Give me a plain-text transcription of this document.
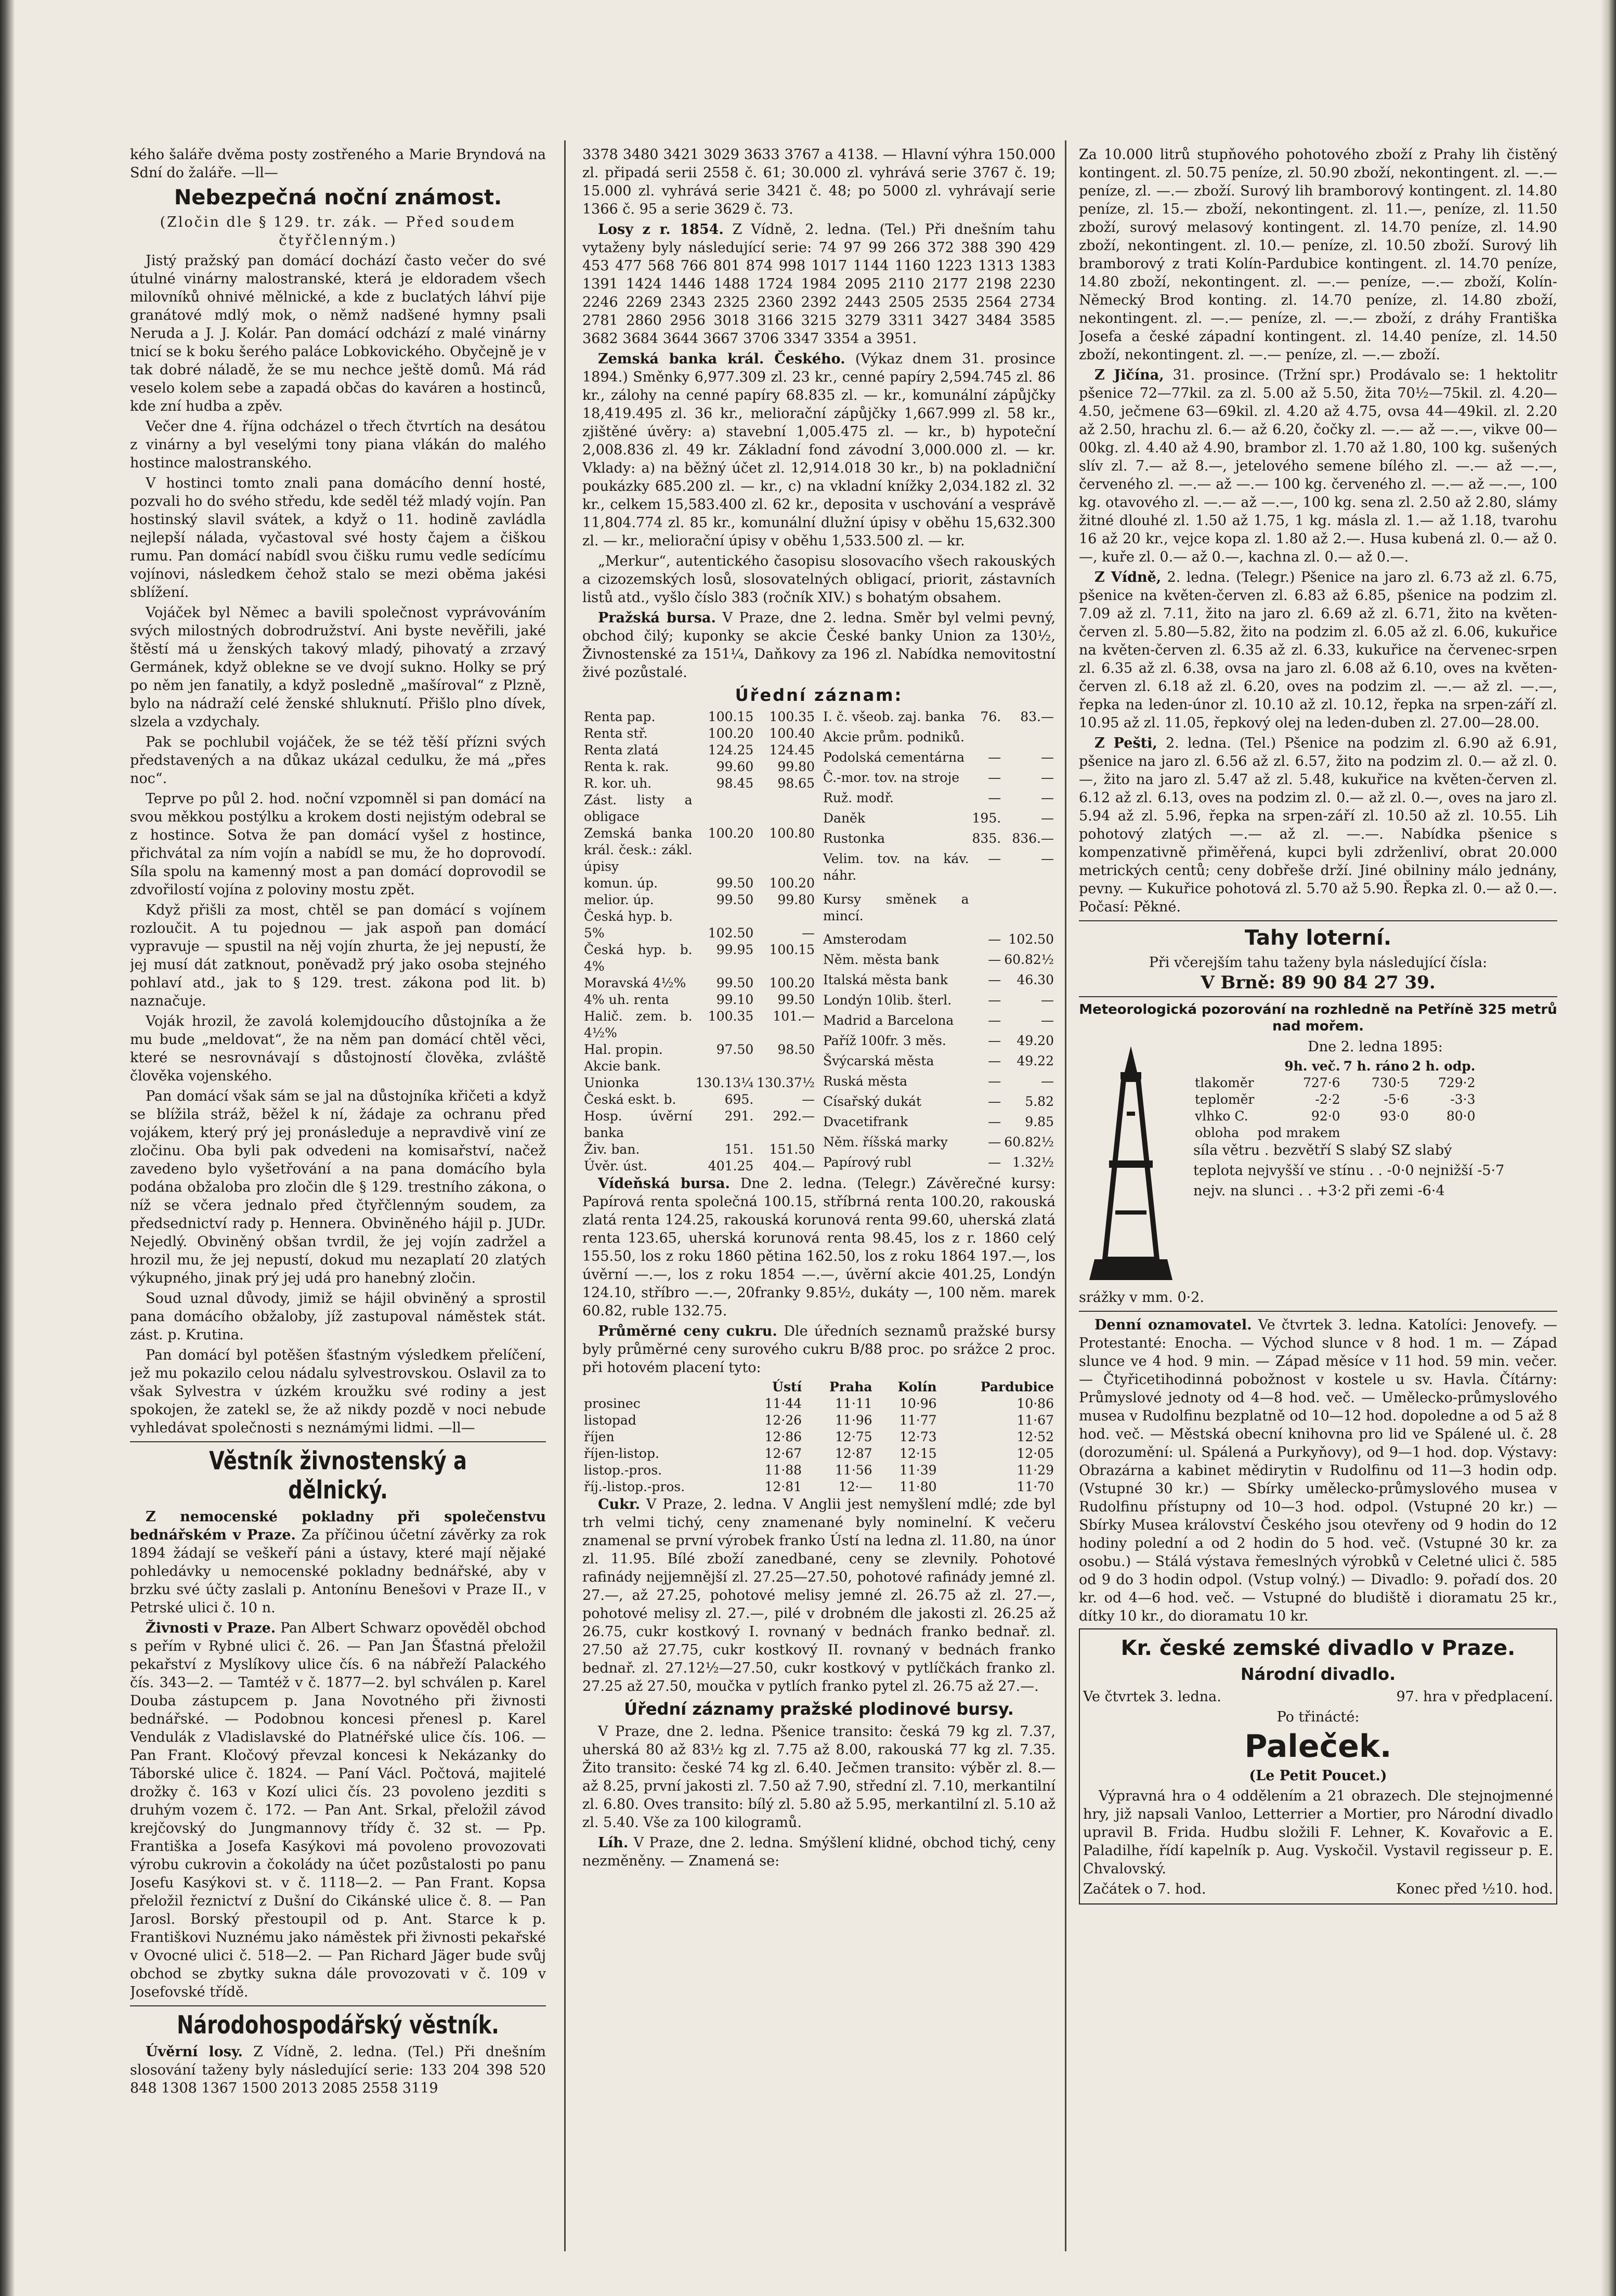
kého šaláře dvěma posty zostřeného a Marie Bryndová na Sdní do žaláře. —ll—

Nebezpečná noční známost.

(Zločin dle § 129. tr. zák. — Před soudem čtyřčlenným.)

Jistý pražský pan domácí dochází často večer do své útulné vinárny malostranské, která je eldoradem všech milovníků ohnivé mělnické, a kde z buclatých láhví pije granátové mdlý mok, o němž nadšené hymny psali Neruda a J. J. Kolár. Pan domácí odchází z malé vinárny tnicí se k boku šerého paláce Lobkovického. Obyčejně je v tak dobré náladě, že se mu nechce ještě domů. Má rád veselo kolem sebe a zapadá občas do kaváren a hostinců, kde zní hudba a zpěv.

Večer dne 4. října odcházel o třech čtvrtích na desátou z vinárny a byl veselými tony piana vlákán do malého hostince malostranského.

V hostinci tomto znali pana domácího denní hosté, pozvali ho do svého středu, kde seděl též mladý vojín. Pan hostinský slavil svátek, a když o 11. hodině zavládla nejlepší nálada, vyčastoval své hosty čajem a čiškou rumu. Pan domácí nabídl svou čišku rumu vedle sedícímu vojínovi, následkem čehož stalo se mezi oběma jakési sblížení.

Vojáček byl Němec a bavili společnost vyprávováním svých milostných dobrodružství. Ani byste nevěřili, jaké štěstí má u ženských takový mladý, pihovatý a zrzavý Germánek, když oblekne se ve dvojí sukno. Holky se prý po něm jen fanatily, a když posledně „mašíroval“ z Plzně, bylo na nádraží celé ženské shluknutí. Přišlo plno dívek, slzela a vzdychaly.

Pak se pochlubil vojáček, že se též těší přízni svých představených a na důkaz ukázal cedulku, že má „přes noc“.

Teprve po půl 2. hod. noční vzpomněl si pan domácí na svou měkkou postýlku a krokem dosti nejistým odebral se z hostince. Sotva že pan domácí vyšel z hostince, přichvátal za ním vojín a nabídl se mu, že ho doprovodí. Síla spolu na kamenný most a pan domácí doprovodil se zdvořilostí vojína z poloviny mostu zpět.

Když přišli za most, chtěl se pan domácí s vojínem rozloučit. A tu pojednou — jak aspoň pan domácí vypravuje — spustil na něj vojín zhurta, že jej nepustí, že jej musí dát zatknout, poněvadž prý jako osoba stejného pohlaví atd., jak to § 129. trest. zákona pod lit. b) naznačuje.

Voják hrozil, že zavolá kolemjdoucího důstojníka a že mu bude „meldovat“, že na něm pan domácí chtěl věci, které se nesrovnávají s důstojností člověka, zvláště člověka vojenského.

Pan domácí však sám se jal na důstojníka křičeti a když se blížila stráž, běžel k ní, žádaje za ochranu před vojákem, který prý jej pronásleduje a nepravdivě viní ze zločinu. Oba byli pak odvedeni na komisařství, načež zavedeno bylo vyšetřování a na pana domácího byla podána obžaloba pro zločin dle § 129. trestního zákona, o níž se včera jednalo před čtyřčlenným soudem, za předsednictví rady p. Hennera. Obviněného hájil p. JUDr. Nejedlý. Obviněný obšan tvrdil, že jej vojín zadržel a hrozil mu, že jej nepustí, dokud mu nezaplatí 20 zlatých výkupného, jinak prý jej udá pro hanebný zločin.

Soud uznal důvody, jimiž se hájil obviněný a sprostil pana domácího obžaloby, jíž zastupoval náměstek stát. zást. p. Krutina.

Pan domácí byl potěšen šťastným výsledkem přelíčení, jež mu pokazilo celou nádalu sylvestrovskou. Oslavil za to však Sylvestra v úzkém kroužku své rodiny a jest spokojen, že zatekl se, že až nikdy pozdě v noci nebude vyhledávat společnosti s neznámými lidmi. —ll—

Věstník živnostenský a dělnický.

Z nemocenské pokladny při společenstvu bednářském v Praze. Za příčinou účetní závěrky za rok 1894 žádají se veškeří páni a ústavy, které mají nějaké pohledávky u nemocenské pokladny bednářské, aby v brzku své účty zaslali p. Antonínu Benešovi v Praze II., v Petrské ulici č. 10 n.

Živnosti v Praze. Pan Albert Schwarz opověděl obchod s peřím v Rybné ulici č. 26. — Pan Jan Šťastná přeložil pekařství z Myslíkovy ulice čís. 6 na nábřeží Palackého čís. 343—2. — Tamtéž v č. 1877—2. byl schválen p. Karel Douba zástupcem p. Jana Novotného při živnosti bednářské. — Podobnou koncesi přenesl p. Karel Vendulák z Vladislavské do Platnéřské ulice čís. 106. — Pan Frant. Kločový převzal koncesi k Nekázanky do Táborské ulice č. 1824. — Paní Václ. Počtová, majitelé drožky č. 163 v Kozí ulici čís. 23 povoleno jezditi s druhým vozem č. 172. — Pan Ant. Srkal, přeložil závod krejčovský do Jungmannovy třídy č. 32 st. — Pp. Františka a Josefa Kasýkovi má povoleno provozovati výrobu cukrovin a čokolády na účet pozůstalosti po panu Josefu Kasýkovi st. v č. 1118—2. — Pan Frant. Kopsa přeložil řeznictví z Dušní do Cikánské ulice č. 8. — Pan Jarosl. Borský přestoupil od p. Ant. Starce k p. Františkovi Nuznému jako náměstek při živnosti pekařské v Ovocné ulici č. 518—2. — Pan Richard Jäger bude svůj obchod se zbytky sukna dále provozovati v č. 109 v Josefovské třídě.

Národohospodářský věstník.

Úvěrní losy. Z Vídně, 2. ledna. (Tel.) Při dnešním slosování taženy byly následující serie: 133 204 398 520 848 1308 1367 1500 2013 2085 2558 3119

3378 3480 3421 3029 3633 3767 a 4138. — Hlavní výhra 150.000 zl. připadá serii 2558 č. 61; 30.000 zl. vyhrává serie 3767 č. 19; 15.000 zl. vyhrává serie 3421 č. 48; po 5000 zl. vyhrávají serie 1366 č. 95 a serie 3629 č. 73.

Losy z r. 1854. Z Vídně, 2. ledna. (Tel.) Při dnešním tahu vytaženy byly následující serie: 74 97 99 266 372 388 390 429 453 477 568 766 801 874 998 1017 1144 1160 1223 1313 1383 1391 1424 1446 1488 1724 1984 2095 2110 2177 2198 2230 2246 2269 2343 2325 2360 2392 2443 2505 2535 2564 2734 2781 2860 2956 3018 3166 3215 3279 3311 3427 3484 3585 3682 3684 3644 3667 3706 3347 3354 a 3951.

Zemská banka král. Českého. (Výkaz dnem 31. prosince 1894.) Směnky 6,977.309 zl. 23 kr., cenné papíry 2,594.745 zl. 86 kr., zálohy na cenné papíry 68.835 zl. — kr., komunální zápůjčky 18,419.495 zl. 36 kr., meliorační zápůjčky 1,667.999 zl. 58 kr., zjištěné úvěry: a) stavební 1,005.475 zl. — kr., b) hypoteční 2,008.836 zl. 49 kr. Základní fond závodní 3,000.000 zl. — kr. Vklady: a) na běžný účet zl. 12,914.018 30 kr., b) na pokladniční poukázky 685.200 zl. — kr., c) na vkladní knížky 2,034.182 zl. 32 kr., celkem 15,583.400 zl. 62 kr., deposita v uschování a vesprávě 11,804.774 zl. 85 kr., komunální dlužní úpisy v oběhu 15,632.300 zl. — kr., meliorační úpisy v oběhu 1,533.500 zl. — kr.

„Merkur“, autentického časopisu slosovacího všech rakouských a cizozemských losů, slosovatelných obligací, priorit, zástavních listů atd., vyšlo číslo 383 (ročník XIV.) s bohatým obsahem.

Pražská bursa. V Praze, dne 2. ledna. Směr byl velmi pevný, obchod čilý; kuponky se akcie České banky Union za 130½, Živnostenské za 151¼, Daňkovy za 196 zl. Nabídka nemovitostní živé pozůstalé.

Úřední záznam:
Renta pap.	100.15	100.35
Renta stř.	100.20	100.40
Renta zlatá	124.25	124.45
Renta k. rak.	99.60	99.80
R. kor. uh.	98.45	98.65
Zást. listy a obligace		
Zemská banka král. česk.: zákl. úpisy	100.20	100.80
komun. úp.	99.50	100.20
melior. úp.	99.50	99.80
Česká hyp. b.		
5%	102.50	—
Česká hyp. b. 4%	99.95	100.15
Moravská 4½%	99.50	100.20
4% uh. renta	99.10	99.50
Halič. zem. b. 4½%	100.35	101.—
Hal. propin.	97.50	98.50
Akcie bank.		
Unionka	130.13¼	130.37½
Česká eskt. b.	695.	—
Hosp. úvěrní banka	291.	292.—
Živ. ban.	151.	151.50
Úvěr. úst.	401.25	404.—
I. č. všeob. zaj. banka	76.	83.—
Akcie prům. podniků.		
Podolská cementárna	—	—
Č.-mor. tov. na stroje	—	—
Ruž. modř.	—	—
Daněk	195.	—
Rustonka	835.	836.—
Velim. tov. na káv. náhr.	—	—
Kursy směnek a mincí.		
Amsterodam	—	102.50
Něm. města bank	—	60.82½
Italská města bank	—	46.30
Londýn 10lib. šterl.	—	—
Madrid a Barcelona	—	—
Paříž 100fr. 3 měs.	—	49.20
Švýcarská města	—	49.22
Ruská města	—	—
Císařský dukát	—	5.82
Dvacetifrank	—	9.85
Něm. říšská marky	—	60.82½
Papírový rubl	—	1.32½

Vídeňská bursa. Dne 2. ledna. (Telegr.) Závěrečné kursy: Papírová renta společná 100.15, stříbrná renta 100.20, rakouská zlatá renta 124.25, rakouská korunová renta 99.60, uherská zlatá renta 123.65, uherská korunová renta 98.45, los z r. 1860 celý 155.50, los z roku 1860 pětina 162.50, los z roku 1864 197.—, los úvěrní —.—, los z roku 1854 —.—, úvěrní akcie 401.25, Londýn 124.10, stříbro —.—, 20franky 9.85½, dukáty —, 100 něm. marek 60.82, ruble 132.75.

Průměrné ceny cukru. Dle úředních seznamů pražské bursy byly průměrné ceny surového cukru B/88 proc. po srážce 2 proc. při hotovém placení tyto:

	Ústí	Praha	Kolín	Pardubice
prosinec	11·44	11·11	10·96	10·86
listopad	12·26	11·96	11·77	11·67
říjen	12·86	12·75	12·73	12·52
říjen-listop.	12·67	12·87	12·15	12·05
listop.-pros.	11·88	11·56	11·39	11·29
říj.-listop.-pros.	12·81	12·—	11·80	11·70

Cukr. V Praze, 2. ledna. V Anglii jest nemyšlení mdlé; zde byl trh velmi tichý, ceny znamenané byly nominelní. K večeru znamenal se první výrobek franko Ústí na ledna zl. 11.80, na únor zl. 11.95. Bílé zboží zanedbané, ceny se zlevnily. Pohotové rafinády nejjemnější zl. 27.25—27.50, pohotové rafinády jemné zl. 27.—, až 27.25, pohotové melisy jemné zl. 26.75 až zl. 27.—, pohotové melisy zl. 27.—, pilé v drobném dle jakosti zl. 26.25 až 26.75, cukr kostkový I. rovnaný v bednách franko bednař. zl. 27.50 až 27.75, cukr kostkový II. rovnaný v bednách franko bednař. zl. 27.12½—27.50, cukr kostkový v pytlíčkách franko zl. 27.25 až 27.50, moučka v pytlích franko pytel zl. 26.75 až 27.—.

Úřední záznamy pražské plodinové bursy.

V Praze, dne 2. ledna. Pšenice transito: česká 79 kg zl. 7.37, uherská 80 až 83½ kg zl. 7.75 až 8.00, rakouská 77 kg zl. 7.35. Žito transito: české 74 kg zl. 6.40. Ječmen transito: výběr zl. 8.— až 8.25, první jakosti zl. 7.50 až 7.90, střední zl. 7.10, merkantilní zl. 6.80. Oves transito: bílý zl. 5.80 až 5.95, merkantilní zl. 5.10 až zl. 5.40. Vše za 100 kilogramů.

Líh. V Praze, dne 2. ledna. Smýšlení klidné, obchod tichý, ceny nezměněny. — Znamená se:

Za 10.000 litrů stupňového pohotového zboží z Prahy lih čistěný kontingent. zl. 50.75 peníze, zl. 50.90 zboží, nekontingent. zl. —.— peníze, zl. —.— zboží. Surový lih bramborový kontingent. zl. 14.80 peníze, zl. 15.— zboží, nekontingent. zl. 11.—, peníze, zl. 11.50 zboží, surový melasový kontingent. zl. 14.70 peníze, zl. 14.90 zboží, nekontingent. zl. 10.— peníze, zl. 10.50 zboží. Surový lih bramborový z trati Kolín-Pardubice kontingent. zl. 14.70 peníze, 14.80 zboží, nekontingent. zl. —.— peníze, —.— zboží, Kolín-Německý Brod konting. zl. 14.70 peníze, zl. 14.80 zboží, nekontingent. zl. —.— peníze, zl. —.— zboží, z dráhy Františka Josefa a české západní kontingent. zl. 14.40 peníze, zl. 14.50 zboží, nekontingent. zl. —.— peníze, zl. —.— zboží.

Z Jičína, 31. prosince. (Tržní spr.) Prodávalo se: 1 hektolitr pšenice 72—77kil. za zl. 5.00 až 5.50, žita 70½—75kil. zl. 4.20—4.50, ječmene 63—69kil. zl. 4.20 až 4.75, ovsa 44—49kil. zl. 2.20 až 2.50, hrachu zl. 6.— až 6.20, čočky zl. —.— až —.—, vikve 00—00kg. zl. 4.40 až 4.90, brambor zl. 1.70 až 1.80, 100 kg. sušených slív zl. 7.— až 8.—, jetelového semene bílého zl. —.— až —.—, červeného zl. —.— až —.— 100 kg. červeného zl. —.— až —.—, 100 kg. otavového zl. —.— až —.—, 100 kg. sena zl. 2.50 až 2.80, slámy žitné dlouhé zl. 1.50 až 1.75, 1 kg. másla zl. 1.— až 1.18, tvarohu 16 až 20 kr., vejce kopa zl. 1.80 až 2.—. Husa kubená zl. 0.— až 0.—, kuře zl. 0.— až 0.—, kachna zl. 0.— až 0.—.

Z Vídně, 2. ledna. (Telegr.) Pšenice na jaro zl. 6.73 až zl. 6.75, pšenice na květen-červen zl. 6.83 až 6.85, pšenice na podzim zl. 7.09 až zl. 7.11, žito na jaro zl. 6.69 až zl. 6.71, žito na květen-červen zl. 5.80—5.82, žito na podzim zl. 6.05 až zl. 6.06, kukuřice na květen-červen zl. 6.35 až zl. 6.33, kukuřice na červenec-srpen zl. 6.35 až zl. 6.38, ovsa na jaro zl. 6.08 až 6.10, oves na květen-červen zl. 6.18 až zl. 6.20, oves na podzim zl. —.— až zl. —.—, řepka na leden-únor zl. 10.10 až zl. 10.12, řepka na srpen-září zl. 10.95 až zl. 11.05, řepkový olej na leden-duben zl. 27.00—28.00.

Z Pešti, 2. ledna. (Tel.) Pšenice na podzim zl. 6.90 až 6.91, pšenice na jaro zl. 6.56 až zl. 6.57, žito na podzim zl. 0.— až zl. 0.—, žito na jaro zl. 5.47 až zl. 5.48, kukuřice na květen-červen zl. 6.12 až zl. 6.13, oves na podzim zl. 0.— až zl. 0.—, oves na jaro zl. 5.94 až zl. 5.96, řepka na srpen-září zl. 10.50 až zl. 10.55. Lih pohotový zlatých —.— až zl. —.—. Nabídka pšenice s kompenzativně přiměřená, kupci byli zdrženliví, obrat 20.000 metrických centů; ceny dobřeše drží. Jiné obilniny málo jednány, pevny. — Kukuřice pohotová zl. 5.70 až 5.90. Řepka zl. 0.— až 0.—. Počasí: Pěkné.

Tahy loterní.

Při včerejším tahu taženy byla následující čísla:

V Brně: 89 90 84 27 39.

Meteorologická pozorování na rozhledně na Petříně 325 metrů nad mořem.

Dne 2. ledna 1895:

	9h. več.	7 h. ráno	2 h. odp.
tlakoměr	727·6	730·5	729·2
teploměr	-2·2	-5·6	-3·3
vlhko C.	92·0	93·0	80·0
obloha	pod mrakem		

síla větru . bezvětří S slabý SZ slabý

teplota nejvyšší ve stínu . . -0·0 nejnižší -5·7

nejv. na slunci . . +3·2 při zemi -6·4

srážky v mm. 0·2.

Denní oznamovatel. Ve čtvrtek 3. ledna. Katolíci: Jenovefy. — Protestanté: Enocha. — Východ slunce v 8 hod. 1 m. — Západ slunce ve 4 hod. 9 min. — Západ měsíce v 11 hod. 59 min. večer. — Čtyřicetihodinná pobožnost v kostele u sv. Havla. Čítárny: Průmyslové jednoty od 4—8 hod. več. — Umělecko-průmyslového musea v Rudolfinu bezplatně od 10—12 hod. dopoledne a od 5 až 8 hod. več. — Městská obecní knihovna pro lid ve Spálené ul. č. 28 (dorozumění: ul. Spálená a Purkyňovy), od 9—1 hod. dop. Výstavy: Obrazárna a kabinet mědirytin v Rudolfinu od 11—3 hodin odp. (Vstupné 30 kr.) — Sbírky umělecko-průmyslového musea v Rudolfinu přístupny od 10—3 hod. odpol. (Vstupné 20 kr.) — Sbírky Musea království Českého jsou otevřeny od 9 hodin do 12 hodiny polední a od 2 hodin do 5 hod. več. (Vstupné 30 kr. za osobu.) — Stálá výstava řemeslných výrobků v Celetné ulici č. 585 od 9 do 3 hodin odpol. (Vstup volný.) — Divadlo: 9. pořadí dos. 20 kr. od 4—6 hod. več. — Vstupné do bludiště i dioramatu 25 kr., dítky 10 kr., do dioramatu 10 kr.

Kr. české zemské divadlo v Praze.
Národní divadlo.

Ve čtvrtek 3. ledna.	97. hra v předplacení.

Po třinácté:

Paleček.

(Le Petit Poucet.)

Výpravná hra o 4 oddělením a 21 obrazech. Dle stejnojmenné hry, již napsali Vanloo, Letterrier a Mortier, pro Národní divadlo upravil B. Frida. Hudbu složili F. Lehner, K. Kovařovic a E. Paladilhe, řídí kapelník p. Aug. Vyskočil. Vystavil regisseur p. E. Chvalovský.

Začátek o 7. hod.	Konec před ½10. hod.
